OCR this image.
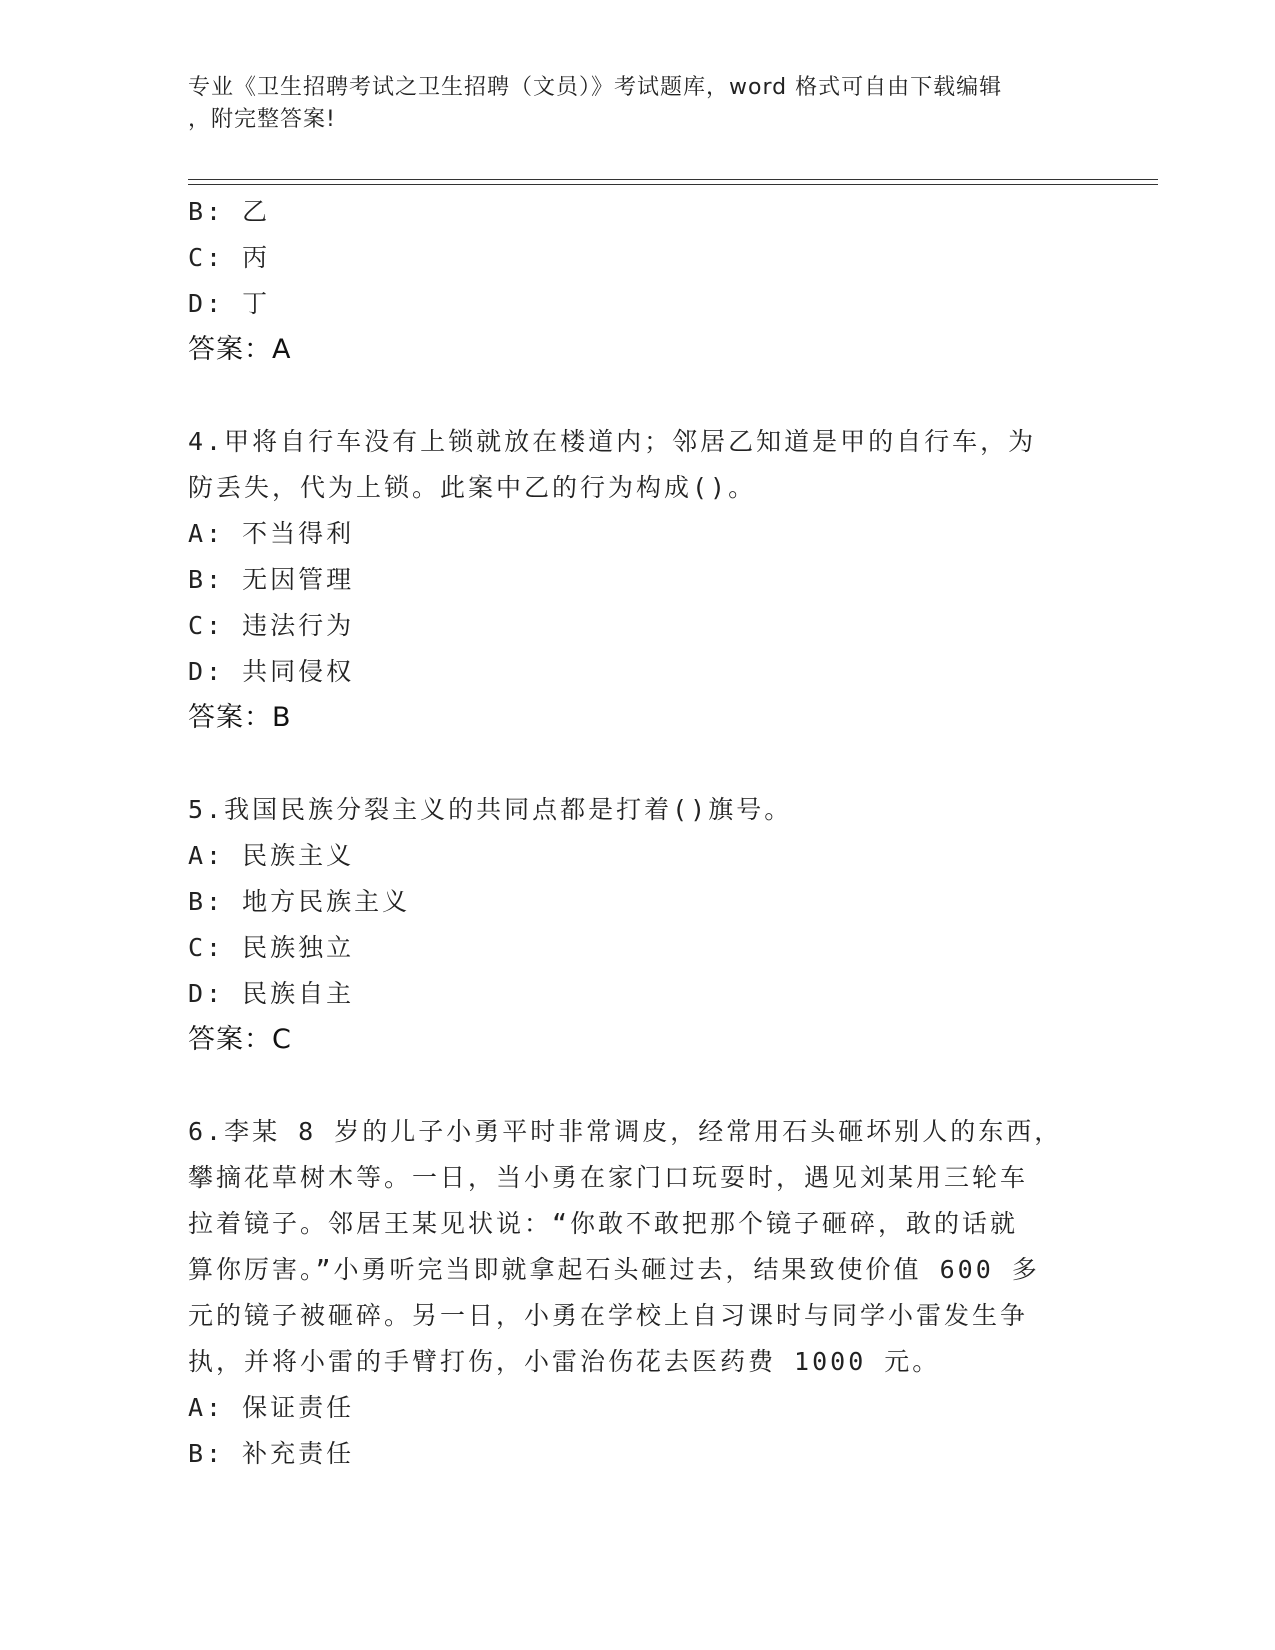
专业《卫生招聘考试之卫生招聘（文员）》考试题库，word 格式可自由下载编辑
，附完整答案!
B: 乙
C: 丙
D: 丁
答案：A
4.甲将自行车没有上锁就放在楼道内；邻居乙知道是甲的自行车，为
防丢失，代为上锁。此案中乙的行为构成()。
A: 不当得利
B: 无因管理
C: 违法行为
D: 共同侵权
答案：B
5.我国民族分裂主义的共同点都是打着()旗号。
A: 民族主义
B: 地方民族主义
C: 民族独立
D: 民族自主
答案：C
6.李某 8 岁的儿子小勇平时非常调皮，经常用石头砸坏别人的东西，
攀摘花草树木等。一日，当小勇在家门口玩耍时，遇见刘某用三轮车
拉着镜子。邻居王某见状说：“你敢不敢把那个镜子砸碎，敢的话就
算你厉害。”小勇听完当即就拿起石头砸过去，结果致使价值 600 多
元的镜子被砸碎。另一日，小勇在学校上自习课时与同学小雷发生争
执，并将小雷的手臂打伤，小雷治伤花去医药费 1000 元。
A: 保证责任
B: 补充责任
